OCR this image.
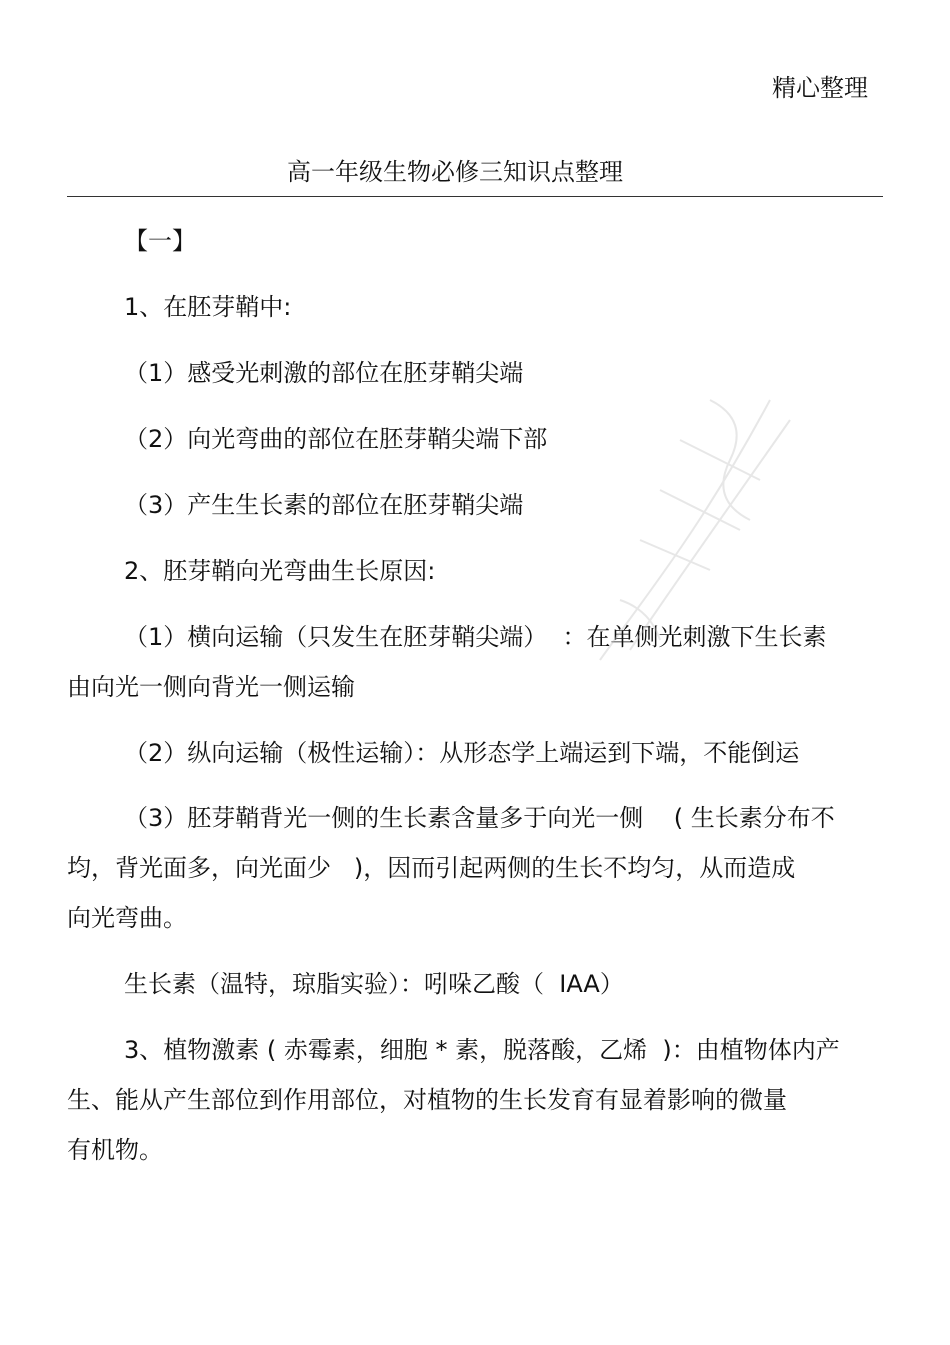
精心整理
高一年级生物必修三知识点整理
【一】
1、在胚芽鞘中:
（1）感受光刺激的部位在胚芽鞘尖端
（2）向光弯曲的部位在胚芽鞘尖端下部
（3）产生生长素的部位在胚芽鞘尖端
2、胚芽鞘向光弯曲生长原因:
（1）横向运输（只发生在胚芽鞘尖端）  ：在单侧光刺激下生长素
由向光一侧向背光一侧运输
（2）纵向运输（极性运输）：从形态学上端运到下端，不能倒运
（3）胚芽鞘背光一侧的生长素含量多于向光一侧    ( 生长素分布不
均，背光面多，向光面少   )，因而引起两侧的生长不均匀，从而造成
向光弯曲。
生长素（温特，琼脂实验）：吲哚乙酸（  IAA）
3、植物激素 ( 赤霉素，细胞 * 素，脱落酸，乙烯  )：由植物体内产
生、能从产生部位到作用部位，对植物的生长发育有显着影响的微量
有机物。
